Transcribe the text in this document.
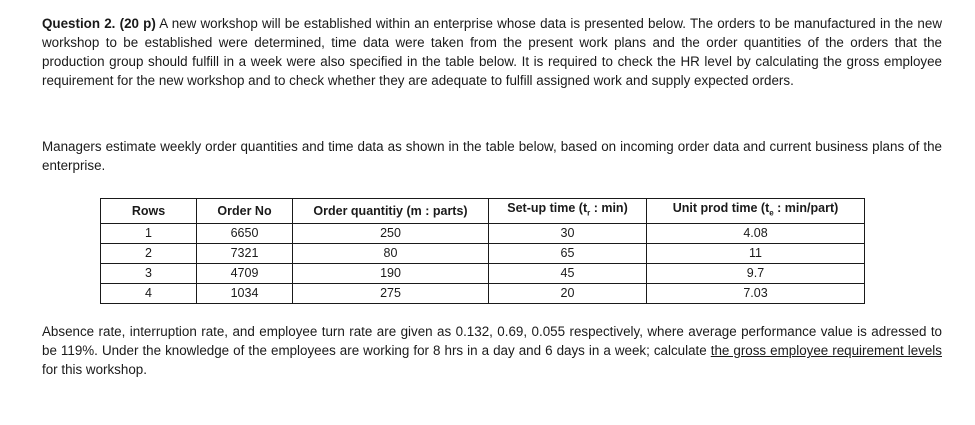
Question 2. (20 p) A new workshop will be established within an enterprise whose data is presented below. The orders to be manufactured in the new workshop to be established were determined, time data were taken from the present work plans and the order quantities of the orders that the production group should fulfill in a week were also specified in the table below. It is required to check the HR level by calculating the gross employee requirement for the new workshop and to check whether they are adequate to fulfill assigned work and supply expected orders.

Managers estimate weekly order quantities and time data as shown in the table below, based on incoming order data and current business plans of the enterprise.

Rows	Order No	Order quantitiy (m : parts)	Set-up time ($t_r$ : min)	Unit prod time ($t_e$ : min/part)
1	6650	250	30	4.08
2	7321	80	65	11
3	4709	190	45	9.7
4	1034	275	20	7.03

Absence rate, interruption rate, and employee turn rate are given as 0.132, 0.69, 0.055 respectively, where average performance value is adressed to be 119%. Under the knowledge of the employees are working for 8 hrs in a day and 6 days in a week; calculate the gross employee requirement levels for this workshop.
